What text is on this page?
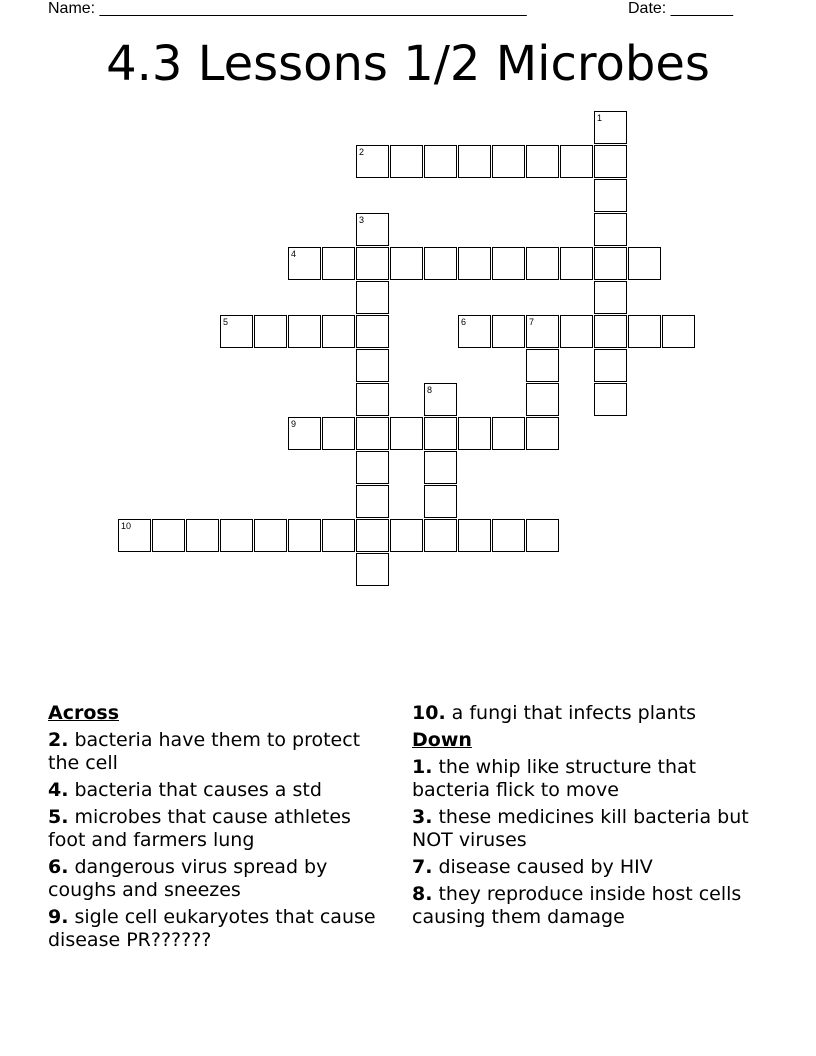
Name: ________________________________________________	Date: _______
4.3 Lessons 1/2 Microbes
1
2
3
4
5	6	7
8
9
10
Across
2. bacteria have them to protect the cell
4. bacteria that causes a std
5. microbes that cause athletes foot and farmers lung
6. dangerous virus spread by coughs and sneezes
9. sigle cell eukaryotes that cause disease PR??????
10. a fungi that infects plants
Down
1. the whip like structure that bacteria flick to move
3. these medicines kill bacteria but NOT viruses
7. disease caused by HIV
8. they reproduce inside host cells causing them damage
